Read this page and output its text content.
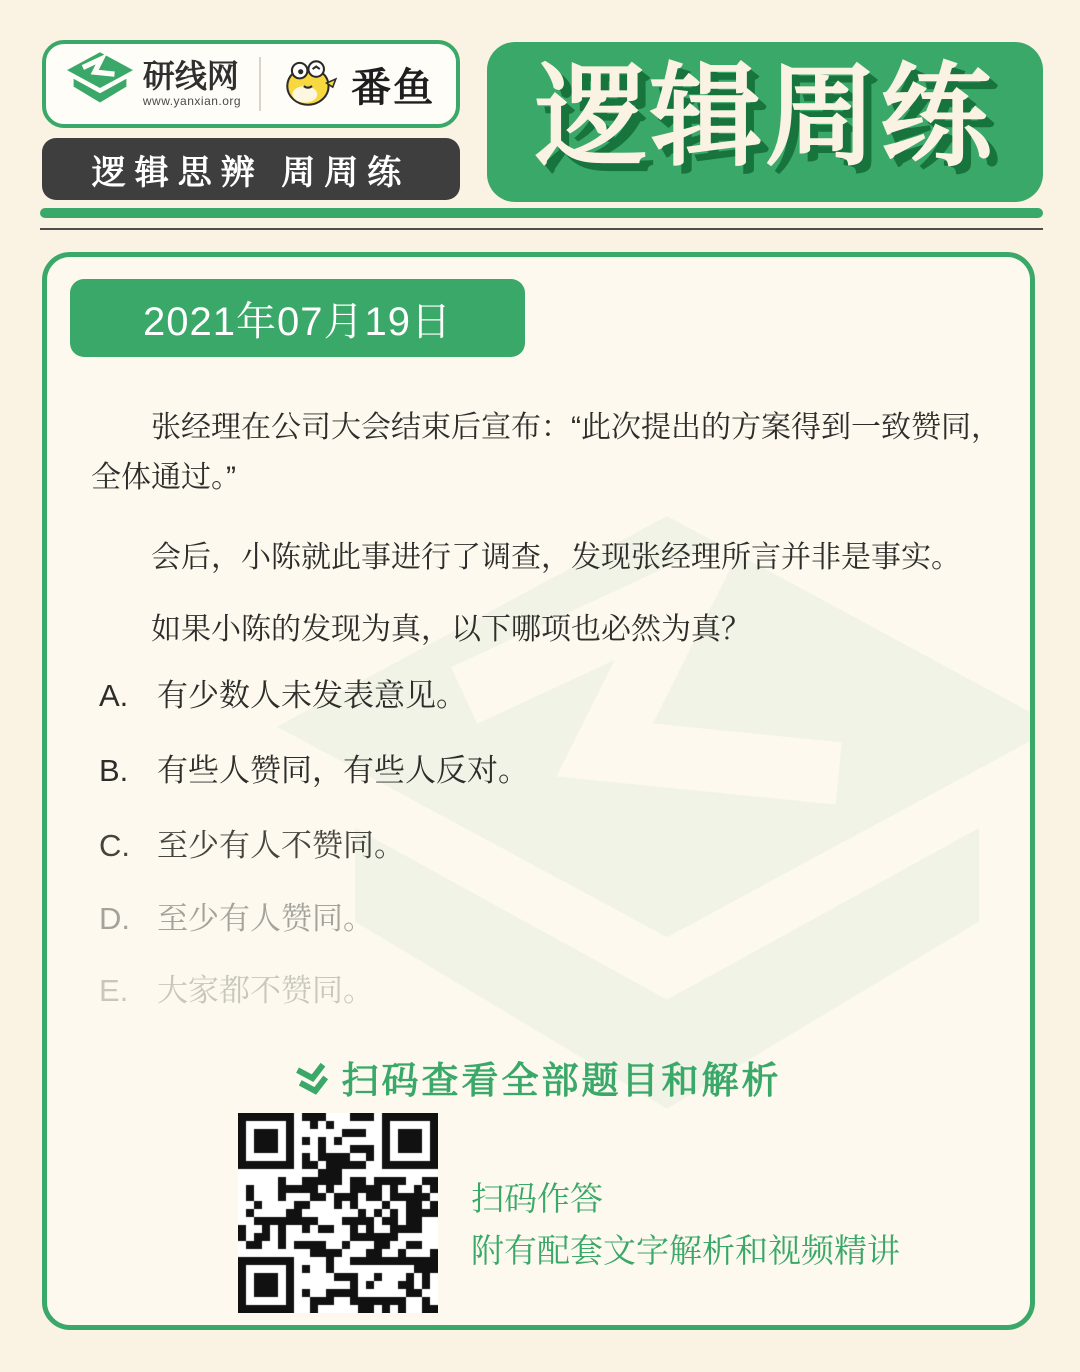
研线网
www.yanxian.org	番鱼
逻辑思辨 周周练	逻辑周练
2021年07月19日
张经理在公司大会结束后宣布：“此次提出的方案得到一致赞同，全体通过。”
会后，小陈就此事进行了调查，发现张经理所言并非是事实。
如果小陈的发现为真，以下哪项也必然为真？
A. 有少数人未发表意见。
B. 有些人赞同，有些人反对。
C. 至少有人不赞同。
D. 至少有人赞同。
E. 大家都不赞同。
扫码查看全部题目和解析
扫码作答
附有配套文字解析和视频精讲
